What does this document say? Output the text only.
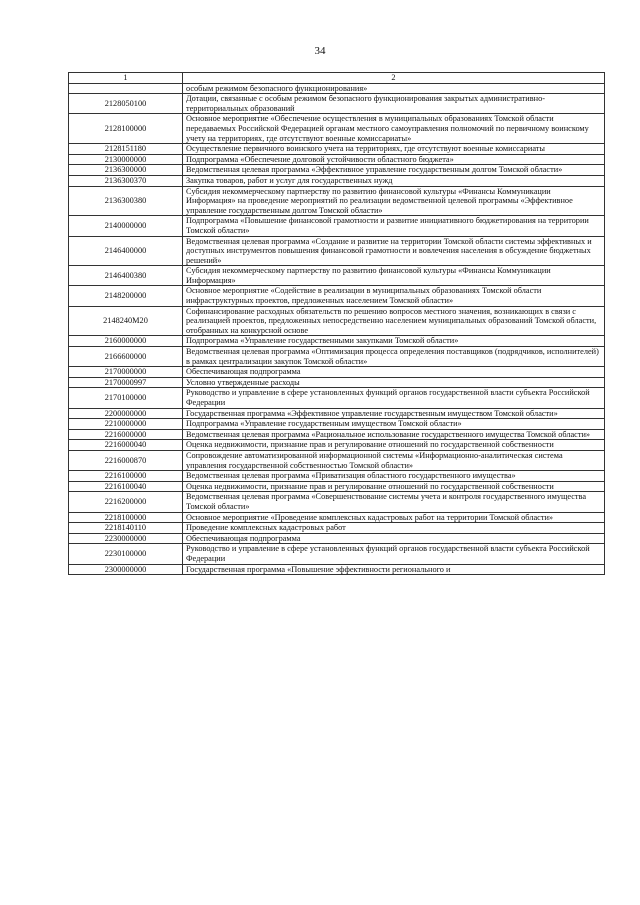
34
1	2
	особым режимом безопасного функционирования»
2128050100	Дотации, связанные с особым режимом безопасного функционирования закрытых административно-территориальных образований
2128100000	Основное мероприятие «Обеспечение осуществления в муниципальных образованиях Томской области передаваемых Российской Федерацией органам местного самоуправления полномочий по первичному воинскому учету на территориях, где отсутствуют военные комиссариаты»
2128151180	Осуществление первичного воинского учета на территориях, где отсутствуют военные комиссариаты
2130000000	Подпрограмма «Обеспечение долговой устойчивости областного бюджета»
2136300000	Ведомственная целевая программа «Эффективное управление государственным долгом Томской области»
2136300370	Закупка товаров, работ и услуг для государственных нужд
2136300380	Субсидия некоммерческому партнерству по развитию финансовой культуры «Финансы Коммуникации Информация» на проведение мероприятий по реализации ведомственной целевой программы «Эффективное управление государственным долгом Томской области»
2140000000	Подпрограмма «Повышение финансовой грамотности и развитие инициативного бюджетирования на территории Томской области»
2146400000	Ведомственная целевая программа «Создание и развитие на территории Томской области системы эффективных и доступных инструментов повышения финансовой грамотности и вовлечения населения в обсуждение бюджетных решений»
2146400380	Субсидия некоммерческому партнерству по развитию финансовой культуры «Финансы Коммуникации Информация»
2148200000	Основное мероприятие «Содействие в реализации в муниципальных образованиях Томской области инфраструктурных проектов, предложенных населением Томской области»
2148240M20	Софинансирование расходных обязательств по решению вопросов местного значения, возникающих в связи с реализацией проектов, предложенных непосредственно населением муниципальных образований Томской области, отобранных на конкурсной основе
2160000000	Подпрограмма «Управление государственными закупками Томской области»
2166600000	Ведомственная целевая программа «Оптимизация процесса определения поставщиков (подрядчиков, исполнителей) в рамках централизации закупок Томской области»
2170000000	Обеспечивающая подпрограмма
2170000997	Условно утвержденные расходы
2170100000	Руководство и управление в сфере установленных функций органов государственной власти субъекта Российской Федерации
2200000000	Государственная программа «Эффективное управление государственным имуществом Томской области»
2210000000	Подпрограмма «Управление государственным имуществом Томской области»
2216000000	Ведомственная целевая программа «Рациональное использование государственного имущества Томской области»
2216000040	Оценка недвижимости, признание прав и регулирование отношений по государственной собственности
2216000870	Сопровождение автоматизированной информационной системы «Информационно-аналитическая система управления государственной собственностью Томской области»
2216100000	Ведомственная целевая программа «Приватизация областного государственного имущества»
2216100040	Оценка недвижимости, признание прав и регулирование отношений по государственной собственности
2216200000	Ведомственная целевая программа «Совершенствование системы учета и контроля государственного имущества Томской области»
2218100000	Основное мероприятие «Проведение комплексных кадастровых работ на территории Томской области»
2218140110	Проведение комплексных кадастровых работ
2230000000	Обеспечивающая подпрограмма
2230100000	Руководство и управление в сфере установленных функций органов государственной власти субъекта Российской Федерации
2300000000	Государственная программа «Повышение эффективности регионального и
